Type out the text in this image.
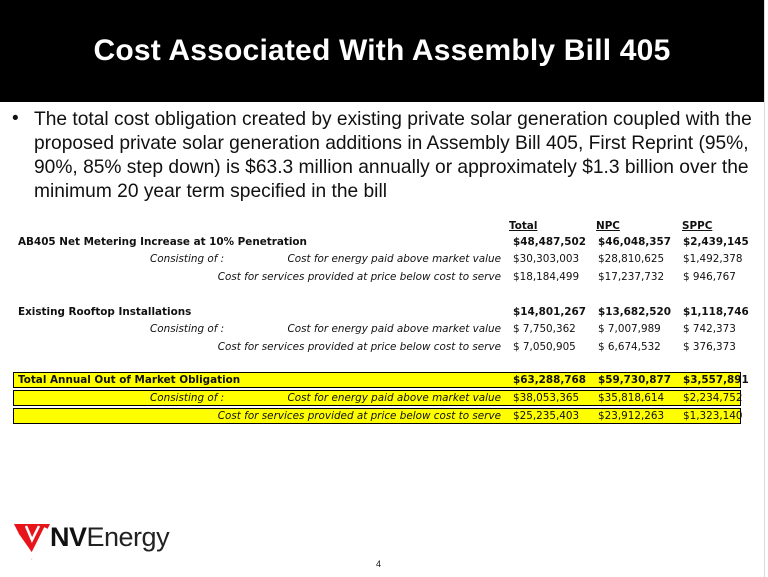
Cost Associated With Assembly Bill 405
• The total cost obligation created by existing private solar generation coupled with the proposed private solar generation additions in Assembly Bill 405, First Reprint (95%, 90%, 85% step down) is $63.3 million annually or approximately $1.3 billion over the minimum 20 year term specified in the bill
Total	NPC	SPPC
AB405 Net Metering Increase at 10% Penetration	$48,487,502 $46,048,357 $2,439,145
Consisting of :	Cost for energy paid above market value $30,303,003 $28,810,625 $1,492,378
Cost for services provided at price below cost to serve $18,184,499 $17,237,732 $ 946,767
Existing Rooftop Installations	$14,801,267 $13,682,520 $1,118,746
Consisting of :	Cost for energy paid above market value $ 7,750,362 $ 7,007,989 $ 742,373
Cost for services provided at price below cost to serve $ 7,050,905 $ 6,674,532 $ 376,373
Total Annual Out of Market Obligation	$63,288,768 $59,730,877 $3,557,891
Consisting of :	Cost for energy paid above market value $38,053,365 $35,818,614 $2,234,752
Cost for services provided at price below cost to serve $25,235,403 $23,912,263 $1,323,140
NVEnergy
4
